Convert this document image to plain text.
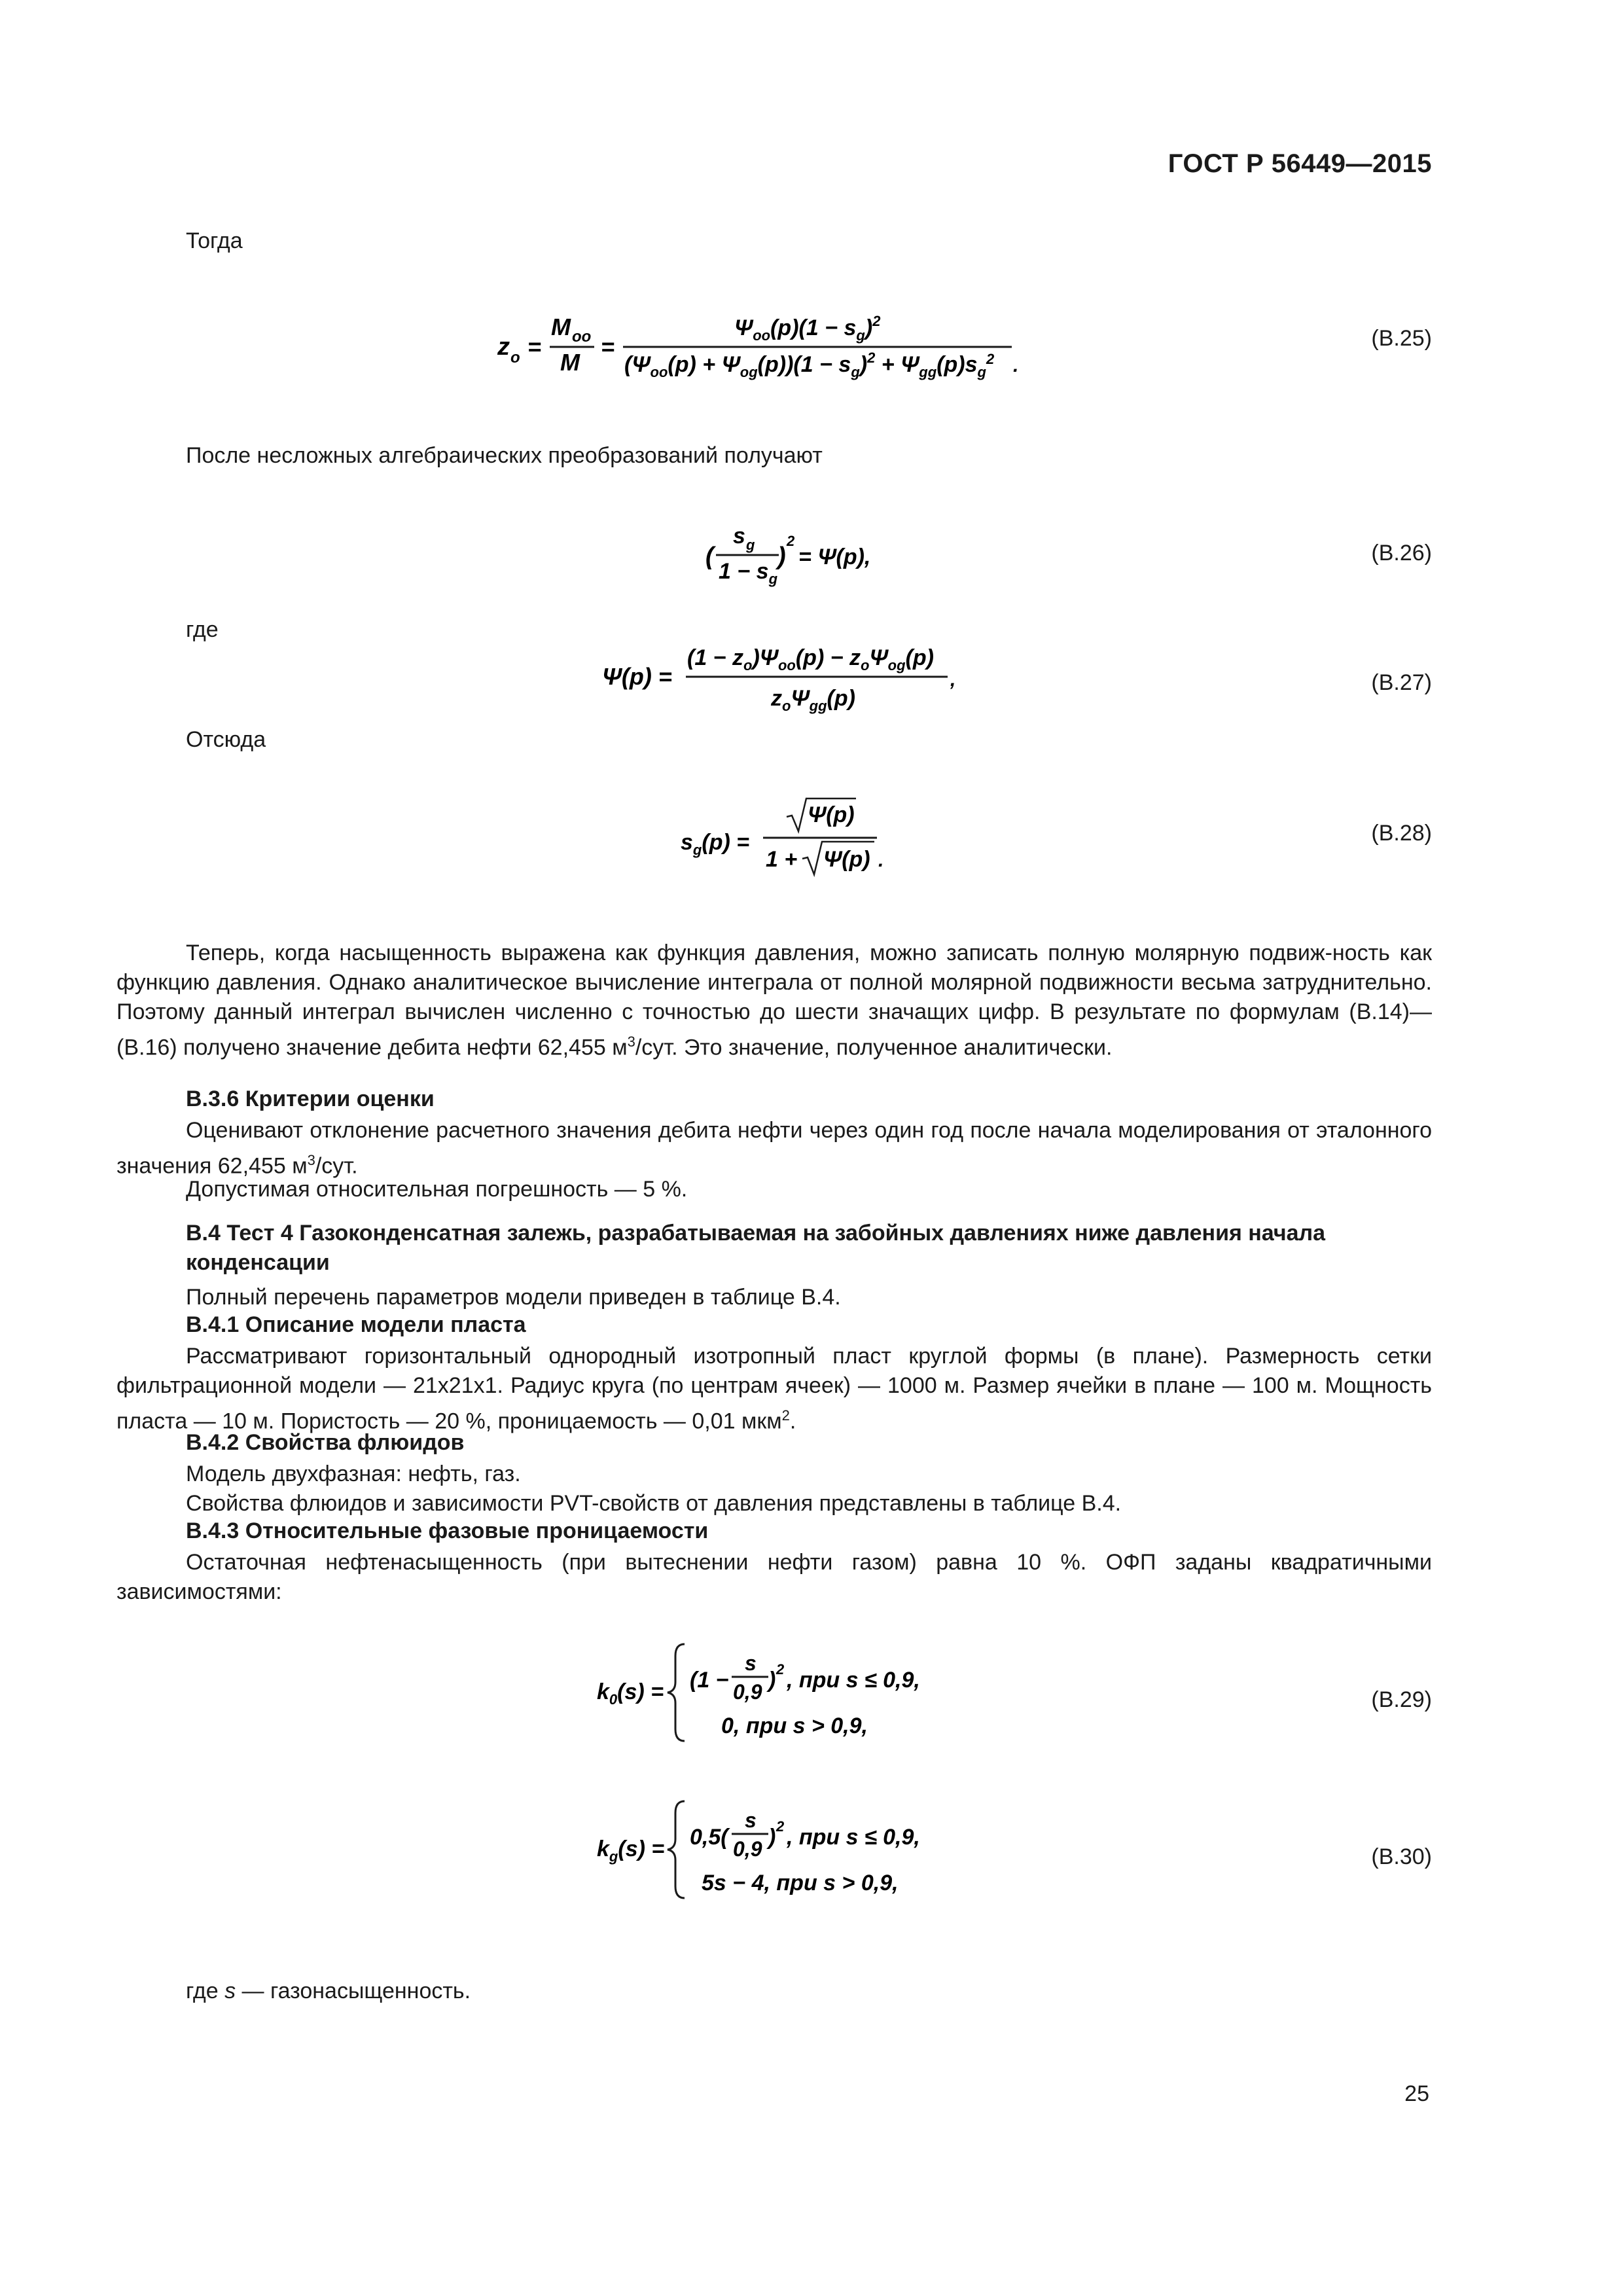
ГОСТ Р 56449—2015
Тогда
z o =
M oo
M
=
$\Psi_{oo}(p)(1 - s_g)^2$
$(\Psi_{oo}(p) + \Psi_{og}(p))(1 - s_g)^2 + \Psi_{gg}(p)s_g^2$ .
(В.25)
После несложных алгебраических преобразований получают
(
s g
$1 - s_g$
)
2
= Ψ(p),	(В.26)
где
Ψ(p) =
$(1 - z_o)\Psi_{oo}(p) - z_o\Psi_{og}(p)$
$z_o\Psi_{gg}(p)$
,	(В.27)
Отсюда
$s_g(p)$ =
Ψ(p)
1 + Ψ(p) .
(В.28)
Теперь, когда насыщенность выражена как функция давления, можно записать полную молярную подвиж-ность как функцию давления. Однако аналитическое вычисление интеграла от полной молярной подвижности весьма затруднительно. Поэтому данный интеграл вычислен численно с точностью до шести значащих цифр. В результате по формулам (В.14)—(В.16) получено значение дебита нефти 62,455 $м^3$/сут. Это значение, полученное аналитически.
В.3.6 Критерии оценки
Оценивают отклонение расчетного значения дебита нефти через один год после начала моделирования от эталонного значения 62,455 $м^3$/сут.
Допустимая относительная погрешность — 5 %.
В.4 Тест 4 Газоконденсатная залежь, разрабатываемая на забойных давлениях ниже давления начала конденсации
Полный перечень параметров модели приведен в таблице В.4.
В.4.1 Описание модели пласта
Рассматривают горизонтальный однородный изотропный пласт круглой формы (в плане). Размерность сетки фильтрационной модели — 21x21x1. Радиус круга (по центрам ячеек) — 1000 м. Размер ячейки в плане — 100 м. Мощность пласта — 10 м. Пористость — 20 %, проницаемость — 0,01 мкм$^2$.
В.4.2 Свойства флюидов
Модель двухфазная: нефть, газ.
Свойства флюидов и зависимости PVT-свойств от давления представлены в таблице В.4.
В.4.3 Относительные фазовые проницаемости
Остаточная нефтенасыщенность (при вытеснении нефти газом) равна 10 %. ОФП заданы квадратичными зависимостями:
$k_0(s) = (1$ −
s
0,9 ) 2 , при s ≤ 0,9,
0, при s > 0,9,
(В.29)
$k_g(s) = 0,5$(
s
0,9 ) 2 , при s ≤ 0,9,
5s − 4, при s > 0,9,
(В.30)
где s — газонасыщенность.
25
